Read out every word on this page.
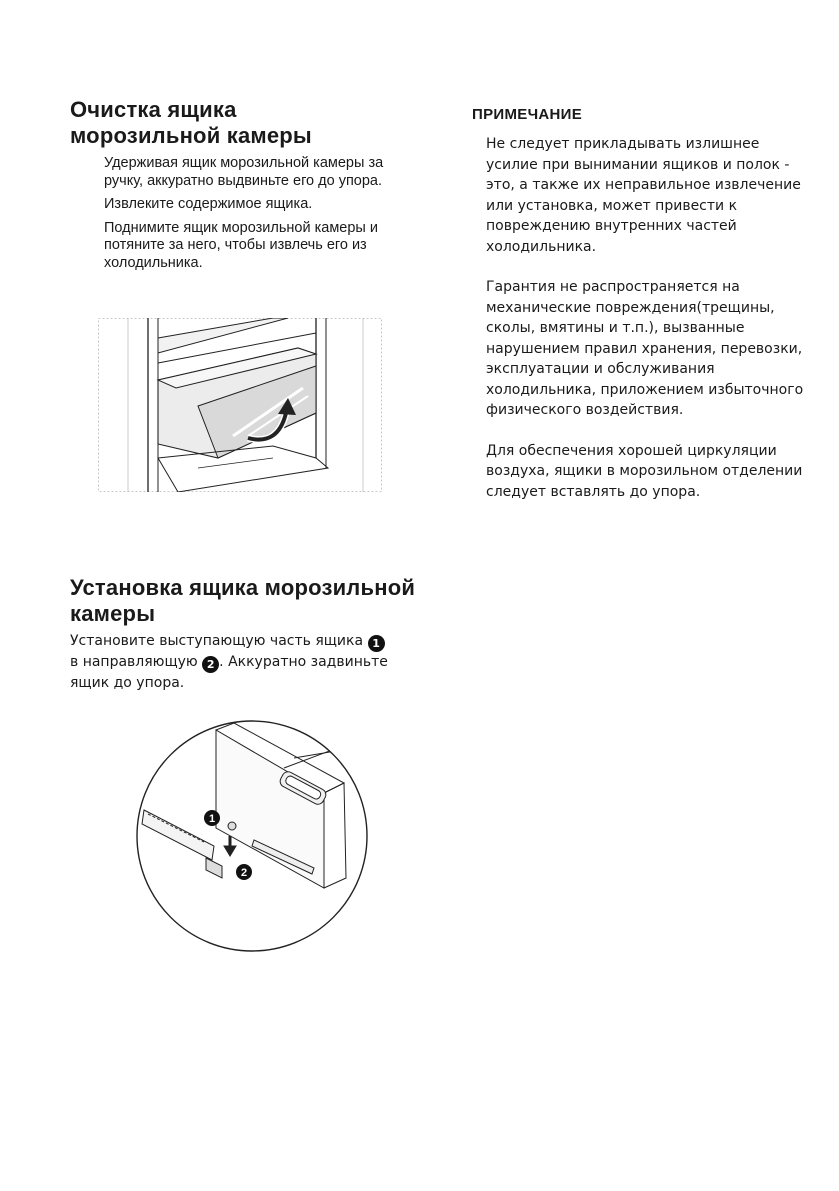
Очистка ящика
морозильной камеры

Удерживая ящик морозильной камеры за ручку, аккуратно выдвиньте его до упора.

Извлеките содержимое ящика.

Поднимите ящик морозильной камеры и потяните за него, чтобы извлечь его из холодильника.

ПРИМЕЧАНИЕ

Не следует прикладывать излишнее усилие при вынимании ящиков и полок - это, а также их неправильное извлечение или установка, может привести к повреждению внутренних частей холодильника.

Гарантия не распространяется на механические повреждения(трещины, сколы, вмятины и т.п.), вызванные нарушением правил хранения, перевозки, эксплуатации и обслуживания холодильника, приложением избыточного физического воздействия.

Для обеспечения хорошей циркуляции воздуха, ящики в морозильном отделении следует вставлять до упора.

Установка ящика морозильной
камеры
Установите выступающую часть ящика 1
в направляющую 2 . Аккуратно задвиньте ящик до упора.
1
2
